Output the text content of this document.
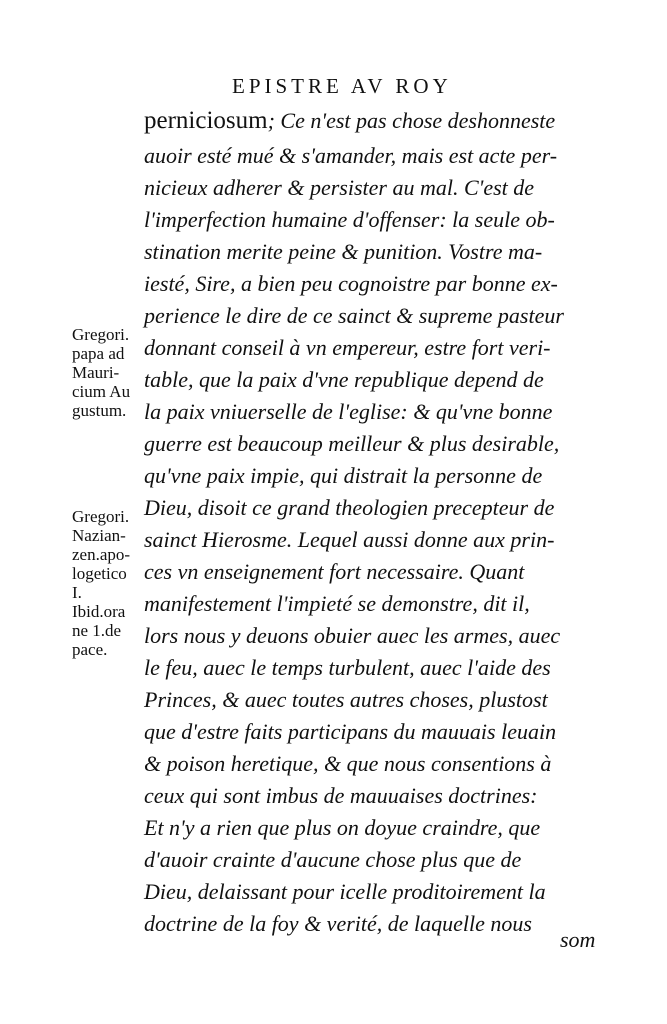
EPISTRE AV ROY
perniciosum; Ce n'est pas chose deshonneste
auoir esté mué & s'amander, mais est acte per-
nicieux adherer & persister au mal. C'est de
l'imperfection humaine d'offenser: la seule ob-
stination merite peine & punition. Vostre ma-
iesté, Sire, a bien peu cognoistre par bonne ex-
perience le dire de ce sainct & supreme pasteur
donnant conseil à vn empereur, estre fort veri-
table, que la paix d'vne republique depend de
la paix vniuerselle de l'eglise: & qu'vne bonne
guerre est beaucoup meilleur & plus desirable,
qu'vne paix impie, qui distrait la personne de
Dieu, disoit ce grand theologien precepteur de
sainct Hierosme. Lequel aussi donne aux prin-
ces vn enseignement fort necessaire. Quant
manifestement l'impieté se demonstre, dit il,
lors nous y deuons obuier auec les armes, auec
le feu, auec le temps turbulent, auec l'aide des
Princes, & auec toutes autres choses, plustost
que d'estre faits participans du mauuais leuain
& poison heretique, & que nous consentions à
ceux qui sont imbus de mauuaises doctrines:
Et n'y a rien que plus on doyue craindre, que
d'auoir crainte d'aucune chose plus que de
Dieu, delaissant pour icelle proditoirement la
doctrine de la foy & verité, de laquelle nous
som
Gregori.
papa ad
Mauri-
cium Au
gustum.
Gregori.
Nazian-
zen.apo-
logetico
I.
Ibid.ora
ne 1.de
pace.
